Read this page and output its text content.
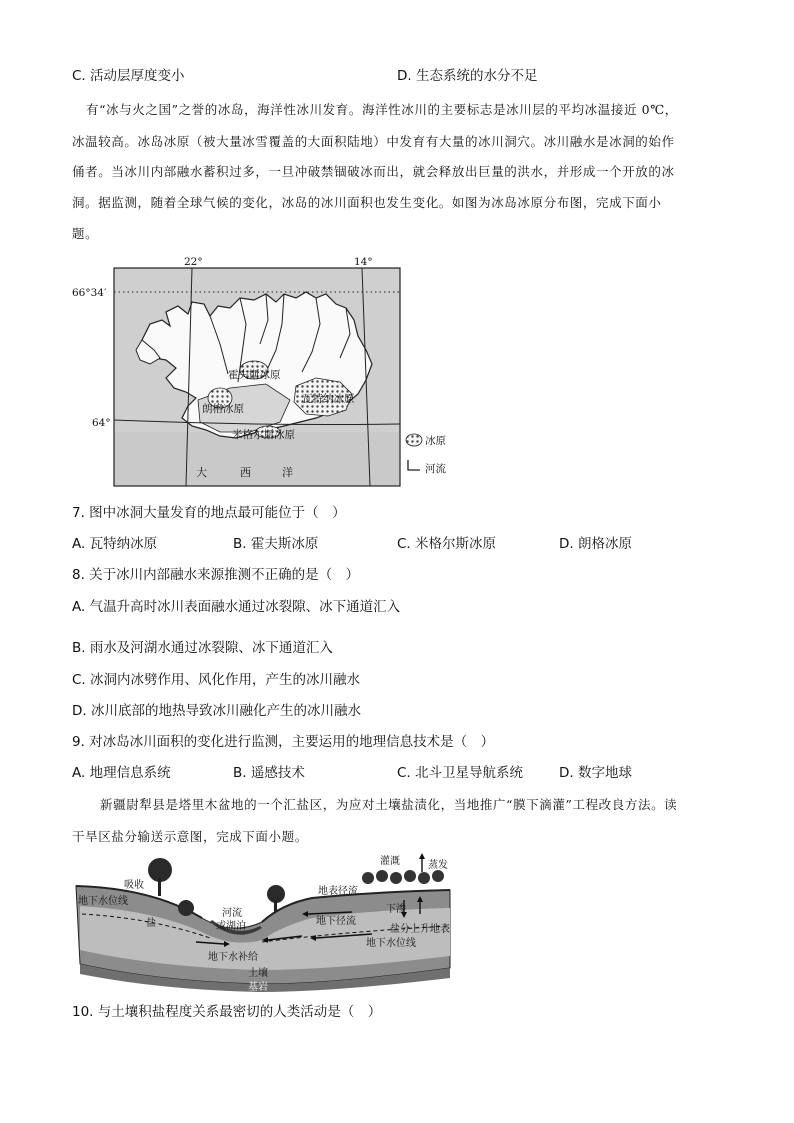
C. 活动层厚度变小	D. 生态系统的水分不足
有“冰与火之国”之誉的冰岛，海洋性冰川发育。海洋性冰川的主要标志是冰川层的平均冰温接近 0℃，
冰温较高。冰岛冰原（被大量冰雪覆盖的大面积陆地）中发育有大量的冰川洞穴。冰川融水是冰洞的始作
俑者。当冰川内部融水蓄积过多，一旦冲破禁锢破冰而出，就会释放出巨量的洪水，并形成一个开放的冰
洞。据监测，随着全球气候的变化，冰岛的冰川面积也发生变化。如图为冰岛冰原分布图，完成下面小
题。
22°	14°
66°34′
64°
霍夫斯冰原
朗格冰原
瓦特纳冰原
米格尔斯冰原
大	西	洋
冰原
河流
7. 图中冰洞大量发育的地点最可能位于（　）
A. 瓦特纳冰原	B. 霍夫斯冰原	C. 米格尔斯冰原	D. 朗格冰原
8. 关于冰川内部融水来源推测不正确的是（　）
A. 气温升高时冰川表面融水通过冰裂隙、冰下通道汇入
B. 雨水及河湖水通过冰裂隙、冰下通道汇入
C. 冰洞内冰劈作用、风化作用，产生的冰川融水
D. 冰川底部的地热导致冰川融化产生的冰川融水
9. 对冰岛冰川面积的变化进行监测，主要运用的地理信息技术是（　）
A. 地理信息系统	B. 遥感技术	C. 北斗卫星导航系统	D. 数字地球
新疆尉犁县是塔里木盆地的一个汇盐区，为应对土壤盐渍化，当地推广“膜下滴灌”工程改良方法。读
干旱区盐分输送示意图，完成下面小题。
灌溉	蒸发
地表径流
吸收
地下水位线
盐
河流或湖泊	地下径流
下渗
盐分上升地表
地下水补给
地下水位线
土壤
基岩
10. 与土壤积盐程度关系最密切的人类活动是（　）
